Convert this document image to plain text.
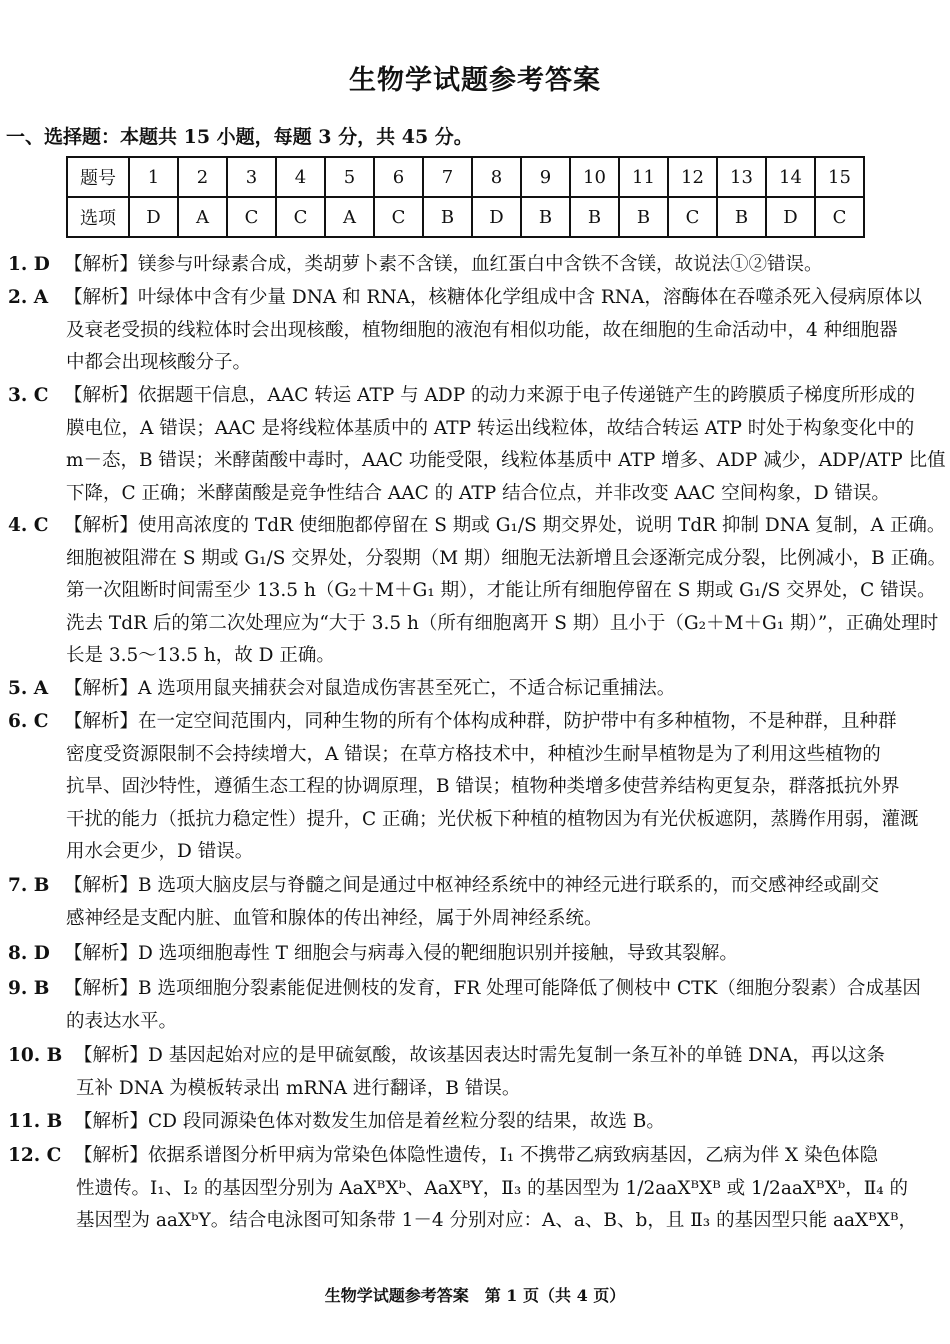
生物学试题参考答案
一、选择题：本题共 15 小题，每题 3 分，共 45 分。
题号	1	2	3	4	5	6	7	8	9	10	11	12	13	14	15
选项	D	A	C	C	A	C	B	D	B	B	B	C	B	D	C
1. D 【解析】镁参与叶绿素合成，类胡萝卜素不含镁，血红蛋白中含铁不含镁，故说法①②错误。
2. A 【解析】叶绿体中含有少量 DNA 和 RNA，核糖体化学组成中含 RNA，溶酶体在吞噬杀死入侵病原体以
及衰老受损的线粒体时会出现核酸，植物细胞的液泡有相似功能，故在细胞的生命活动中，4 种细胞器
中都会出现核酸分子。
3. C 【解析】依据题干信息，AAC 转运 ATP 与 ADP 的动力来源于电子传递链产生的跨膜质子梯度所形成的
膜电位，A 错误；AAC 是将线粒体基质中的 ATP 转运出线粒体，故结合转运 ATP 时处于构象变化中的
m－态，B 错误；米酵菌酸中毒时，AAC 功能受限，线粒体基质中 ATP 增多、ADP 减少，ADP/ATP 比值
下降，C 正确；米酵菌酸是竞争性结合 AAC 的 ATP 结合位点，并非改变 AAC 空间构象，D 错误。
4. C 【解析】使用高浓度的 TdR 使细胞都停留在 S 期或 G₁/S 期交界处，说明 TdR 抑制 DNA 复制，A 正确。
细胞被阻滞在 S 期或 G₁/S 交界处，分裂期（M 期）细胞无法新增且会逐渐完成分裂，比例减小，B 正确。
第一次阻断时间需至少 13.5 h（G₂＋M＋G₁ 期），才能让所有细胞停留在 S 期或 G₁/S 交界处，C 错误。
洗去 TdR 后的第二次处理应为“大于 3.5 h（所有细胞离开 S 期）且小于（G₂＋M＋G₁ 期）”，正确处理时
长是 3.5～13.5 h，故 D 正确。
5. A 【解析】A 选项用鼠夹捕获会对鼠造成伤害甚至死亡，不适合标记重捕法。
6. C 【解析】在一定空间范围内，同种生物的所有个体构成种群，防护带中有多种植物，不是种群，且种群
密度受资源限制不会持续增大，A 错误；在草方格技术中，种植沙生耐旱植物是为了利用这些植物的
抗旱、固沙特性，遵循生态工程的协调原理，B 错误；植物种类增多使营养结构更复杂，群落抵抗外界
干扰的能力（抵抗力稳定性）提升，C 正确；光伏板下种植的植物因为有光伏板遮阴，蒸腾作用弱，灌溉
用水会更少，D 错误。
7. B 【解析】B 选项大脑皮层与脊髓之间是通过中枢神经系统中的神经元进行联系的，而交感神经或副交
感神经是支配内脏、血管和腺体的传出神经，属于外周神经系统。
8. D 【解析】D 选项细胞毒性 T 细胞会与病毒入侵的靶细胞识别并接触，导致其裂解。
9. B 【解析】B 选项细胞分裂素能促进侧枝的发育，FR 处理可能降低了侧枝中 CTK（细胞分裂素）合成基因
的表达水平。
10. B 【解析】D 基因起始对应的是甲硫氨酸，故该基因表达时需先复制一条互补的单链 DNA，再以这条
互补 DNA 为模板转录出 mRNA 进行翻译，B 错误。
11. B 【解析】CD 段同源染色体对数发生加倍是着丝粒分裂的结果，故选 B。
12. C 【解析】依据系谱图分析甲病为常染色体隐性遗传，Ⅰ₁ 不携带乙病致病基因，乙病为伴 X 染色体隐
性遗传。Ⅰ₁、Ⅰ₂ 的基因型分别为 AaXᴮXᵇ、AaXᴮY，Ⅱ₃ 的基因型为 1/2aaXᴮXᴮ 或 1/2aaXᴮXᵇ，Ⅱ₄ 的
基因型为 aaXᵇY。结合电泳图可知条带 1－4 分别对应：A、a、B、b，且 Ⅱ₃ 的基因型只能 aaXᴮXᴮ，
生物学试题参考答案　第 1 页（共 4 页）
